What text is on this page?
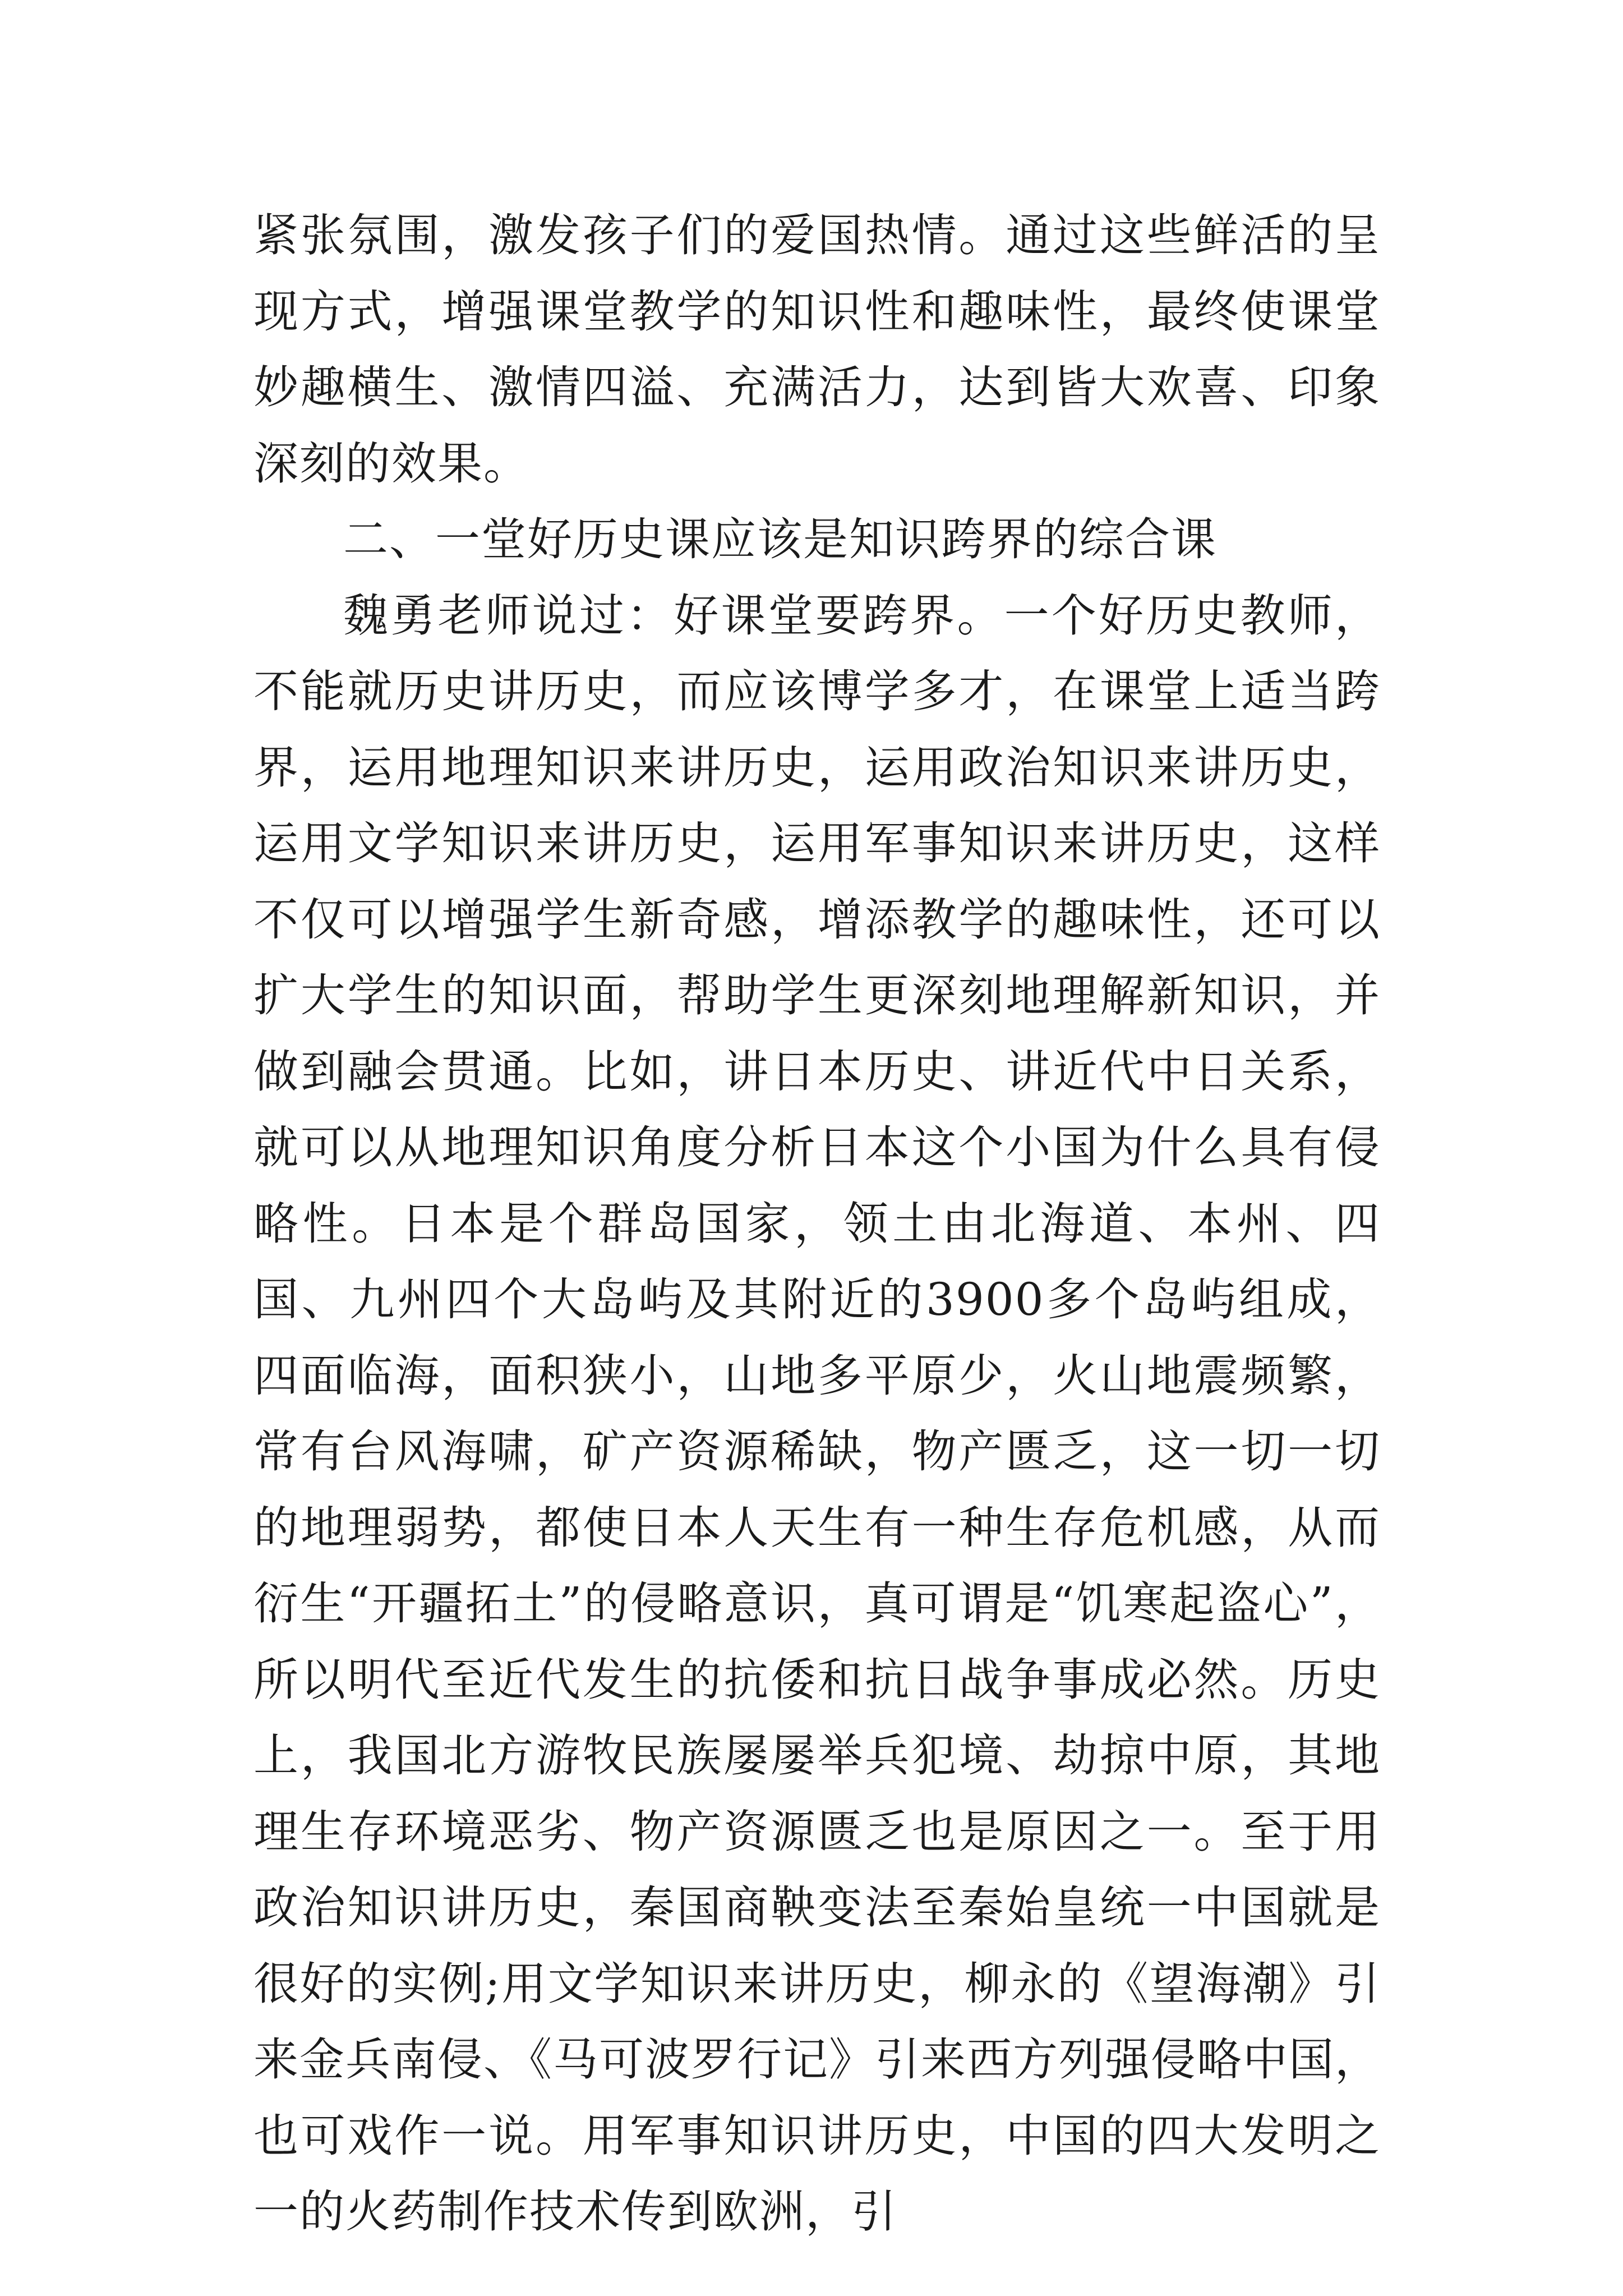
紧张氛围，激发孩子们的爱国热情。通过这些鲜活的呈现方式，增强课堂教学的知识性和趣味性，最终使课堂妙趣横生、激情四溢、充满活力，达到皆大欢喜、印象深刻的效果。

二、一堂好历史课应该是知识跨界的综合课

魏勇老师说过：好课堂要跨界。一个好历史教师，不能就历史讲历史，而应该博学多才，在课堂上适当跨界，运用地理知识来讲历史，运用政治知识来讲历史，运用文学知识来讲历史，运用军事知识来讲历史，这样不仅可以增强学生新奇感，增添教学的趣味性，还可以扩大学生的知识面，帮助学生更深刻地理解新知识，并做到融会贯通。比如，讲日本历史、讲近代中日关系，就可以从地理知识角度分析日本这个小国为什么具有侵略性。日本是个群岛国家，领土由北海道、本州、四国、九州四个大岛屿及其附近的3900多个岛屿组成，四面临海，面积狭小，山地多平原少，火山地震频繁，常有台风海啸，矿产资源稀缺，物产匮乏，这一切一切的地理弱势，都使日本人天生有一种生存危机感，从而衍生“开疆拓土”的侵略意识，真可谓是“饥寒起盗心”，所以明代至近代发生的抗倭和抗日战争事成必然。历史上，我国北方游牧民族屡屡举兵犯境、劫掠中原，其地理生存环境恶劣、物产资源匮乏也是原因之一。至于用政治知识讲历史，秦国商鞅变法至秦始皇统一中国就是很好的实例;用文学知识来讲历史，柳永的《望海潮》引来金兵南侵、《马可波罗行记》引来西方列强侵略中国，也可戏作一说。用军事知识讲历史，中国的四大发明之一的火药制作技术传到欧洲，引
